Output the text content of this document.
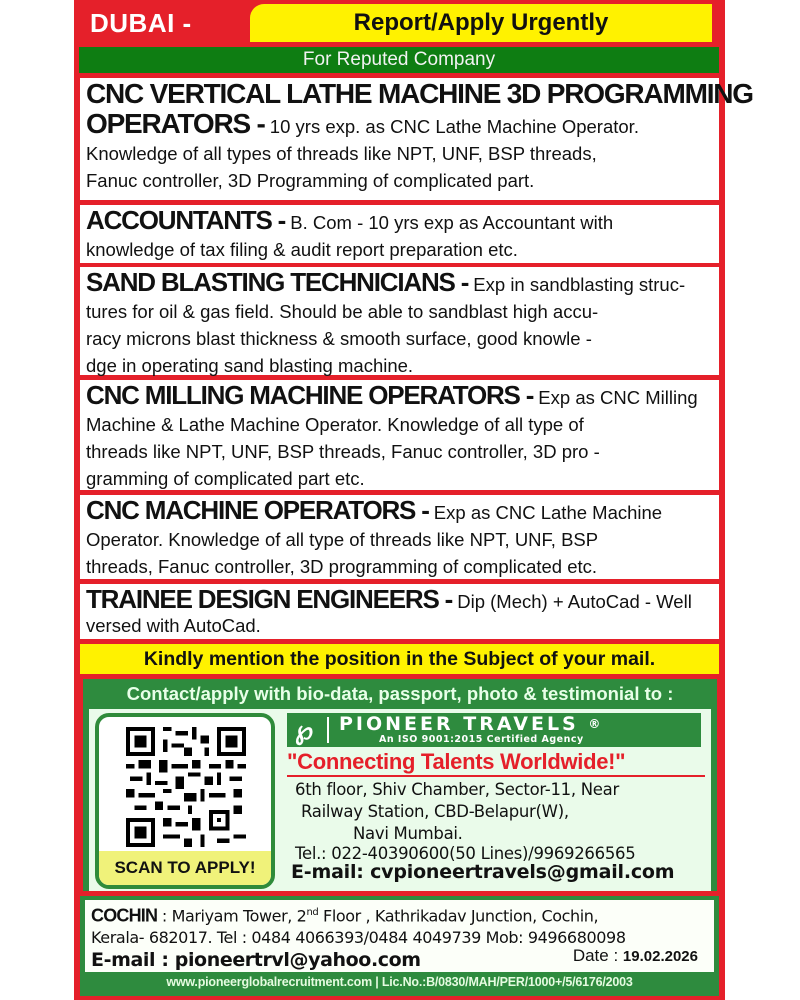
DUBAI -	Report/Apply Urgently
For Reputed Company

CNC VERTICAL LATHE MACHINE 3D PROGRAMMING

OPERATORS - 10 yrs exp. as CNC Lathe Machine Operator.

Knowledge of all types of threads like NPT, UNF, BSP threads,

Fanuc controller, 3D Programming of complicated part.

ACCOUNTANTS - B. Com - 10 yrs exp as Accountant with

knowledge of tax filing & audit report preparation etc.

SAND BLASTING TECHNICIANS - Exp in sandblasting struc-

tures for oil & gas field. Should be able to sandblast high accu-

racy microns blast thickness & smooth surface, good knowle -

dge in operating sand blasting machine.

CNC MILLING MACHINE OPERATORS - Exp as CNC Milling

Machine & Lathe Machine Operator. Knowledge of all type of

threads like NPT, UNF, BSP threads, Fanuc controller, 3D pro -

gramming of complicated part etc.

CNC MACHINE OPERATORS - Exp as CNC Lathe Machine

Operator. Knowledge of all type of threads like NPT, UNF, BSP

threads, Fanuc controller, 3D programming of complicated etc.

TRAINEE DESIGN ENGINEERS - Dip (Mech) + AutoCad - Well

versed with AutoCad.

Kindly mention the position in the Subject of your mail.
Contact/apply with bio-data, passport, photo & testimonial to :
SCAN TO APPLY!
℘	PIONEER TRAVELS ®
An ISO 9001:2015 Certified Agency
"Connecting Talents Worldwide!"
6th floor, Shiv Chamber, Sector-11, Near
Railway Station, CBD-Belapur(W),
Navi Mumbai.
Tel.: 022-40390600(50 Lines)/9969266565
E-mail: cvpioneertravels@gmail.com

COCHIN : Mariyam Tower, 2nd Floor , Kathrikadav Junction, Cochin,

Kerala- 682017. Tel : 0484 4066393/0484 4049739 Mob: 9496680098

E-mail : pioneertrvl@yahoo.com	Date : 19.02.2026
www.pioneerglobalrecruitment.com | Lic.No.:B/0830/MAH/PER/1000+/5/6176/2003
